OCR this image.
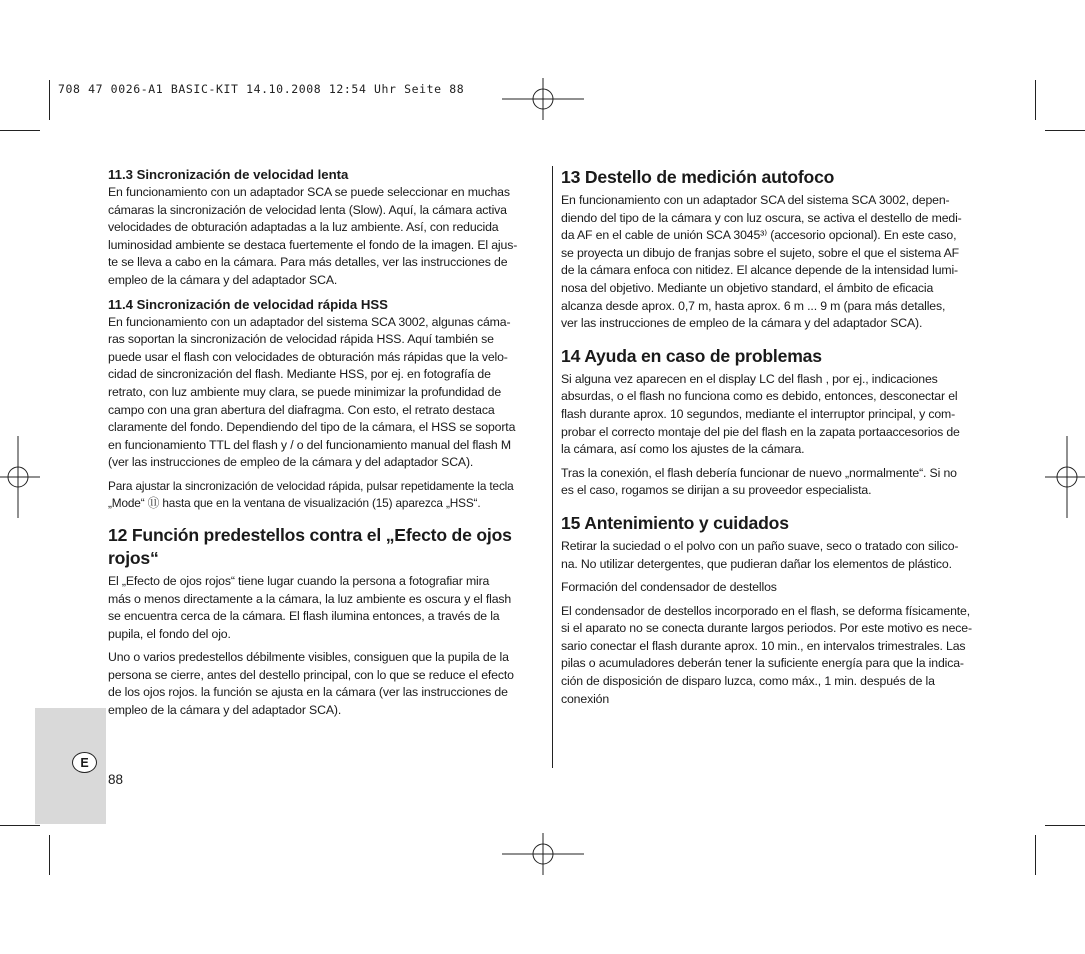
708 47 0026-A1 BASIC-KIT 14.10.2008 12:54 Uhr Seite 88
11.3 Sincronización de velocidad lenta

En funcionamiento con un adaptador SCA se puede seleccionar en muchas
cámaras la sincronización de velocidad lenta (Slow). Aquí, la cámara activa
velocidades de obturación adaptadas a la luz ambiente. Así, con reducida
luminosidad ambiente se destaca fuertemente el fondo de la imagen. El ajus-
te se lleva a cabo en la cámara. Para más detalles, ver las instrucciones de
empleo de la cámara y del adaptador SCA.

11.4 Sincronización de velocidad rápida HSS

En funcionamiento con un adaptador del sistema SCA 3002, algunas cáma-
ras soportan la sincronización de velocidad rápida HSS. Aquí también se
puede usar el flash con velocidades de obturación más rápidas que la velo-
cidad de sincronización del flash. Mediante HSS, por ej. en fotografía de
retrato, con luz ambiente muy clara, se puede minimizar la profundidad de
campo con una gran abertura del diafragma. Con esto, el retrato destaca
claramente del fondo. Dependiendo del tipo de la cámara, el HSS se soporta
en funcionamiento TTL del flash y / o del funcionamiento manual del flash M
(ver las instrucciones de empleo de la cámara y del adaptador SCA).

Para ajustar la sincronización de velocidad rápida, pulsar repetidamente la tecla
„Mode“ ⑪ hasta que en la ventana de visualización (15) aparezca „HSS“.

12 Función predestellos contra el „Efecto de ojos rojos“

El „Efecto de ojos rojos“ tiene lugar cuando la persona a fotografiar mira
más o menos directamente a la cámara, la luz ambiente es oscura y el flash
se encuentra cerca de la cámara. El flash ilumina entonces, a través de la
pupila, el fondo del ojo.

Uno o varios predestellos débilmente visibles, consiguen que la pupila de la
persona se cierre, antes del destello principal, con lo que se reduce el efecto
de los ojos rojos. la función se ajusta en la cámara (ver las instrucciones de
empleo de la cámara y del adaptador SCA).

13 Destello de medición autofoco

En funcionamiento con un adaptador SCA del sistema SCA 3002, depen-
diendo del tipo de la cámara y con luz oscura, se activa el destello de medi-
da AF en el cable de unión SCA 3045³⁾ (accesorio opcional). En este caso,
se proyecta un dibujo de franjas sobre el sujeto, sobre el que el sistema AF
de la cámara enfoca con nitidez. El alcance depende de la intensidad lumi-
nosa del objetivo. Mediante un objetivo standard, el ámbito de eficacia
alcanza desde aprox. 0,7 m, hasta aprox. 6 m ... 9 m (para más detalles,
ver las instrucciones de empleo de la cámara y del adaptador SCA).

14 Ayuda en caso de problemas

Si alguna vez aparecen en el display LC del flash , por ej., indicaciones
absurdas, o el flash no funciona como es debido, entonces, desconectar el
flash durante aprox. 10 segundos, mediante el interruptor principal, y com-
probar el correcto montaje del pie del flash en la zapata portaaccesorios de
la cámara, así como los ajustes de la cámara.

Tras la conexión, el flash debería funcionar de nuevo „normalmente“. Si no
es el caso, rogamos se dirijan a su proveedor especialista.

15 Antenimiento y cuidados

Retirar la suciedad o el polvo con un paño suave, seco o tratado con silico-
na. No utilizar detergentes, que pudieran dañar los elementos de plástico.

Formación del condensador de destellos

El condensador de destellos incorporado en el flash, se deforma físicamente,
si el aparato no se conecta durante largos periodos. Por este motivo es nece-
sario conectar el flash durante aprox. 10 min., en intervalos trimestrales. Las
pilas o acumuladores deberán tener la suficiente energía para que la indica-
ción de disposición de disparo luzca, como máx., 1 min. después de la
conexión

E
88
